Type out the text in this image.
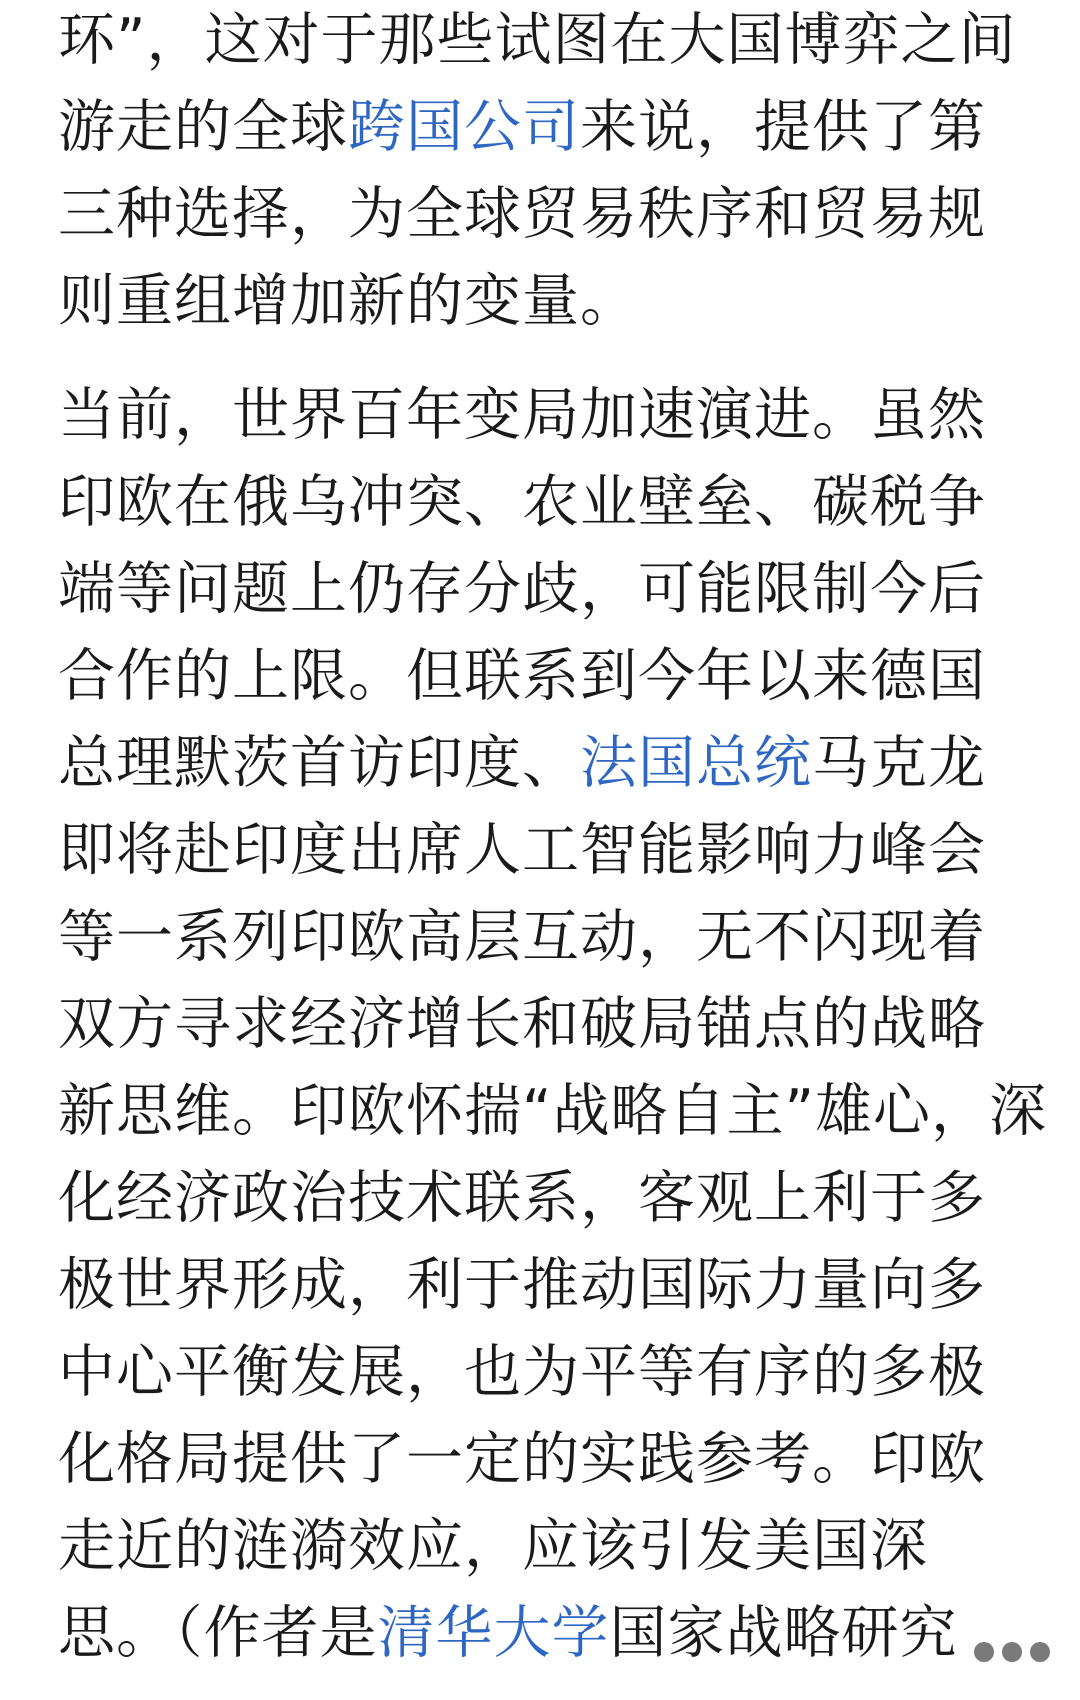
环”，这对于那些试图在大国博弈之间
游走的全球跨国公司来说，提供了第
三种选择，为全球贸易秩序和贸易规
则重组增加新的变量。

当前，世界百年变局加速演进。虽然
印欧在俄乌冲突、农业壁垒、碳税争
端等问题上仍存分歧，可能限制今后
合作的上限。但联系到今年以来德国
总理默茨首访印度、法国总统马克龙
即将赴印度出席人工智能影响力峰会
等一系列印欧高层互动，无不闪现着
双方寻求经济增长和破局锚点的战略
新思维。印欧怀揣“战略自主”雄心，深
化经济政治技术联系，客观上利于多
极世界形成，利于推动国际力量向多
中心平衡发展，也为平等有序的多极
化格局提供了一定的实践参考。印欧
走近的涟漪效应，应该引发美国深
思。（作者是清华大学国家战略研究
